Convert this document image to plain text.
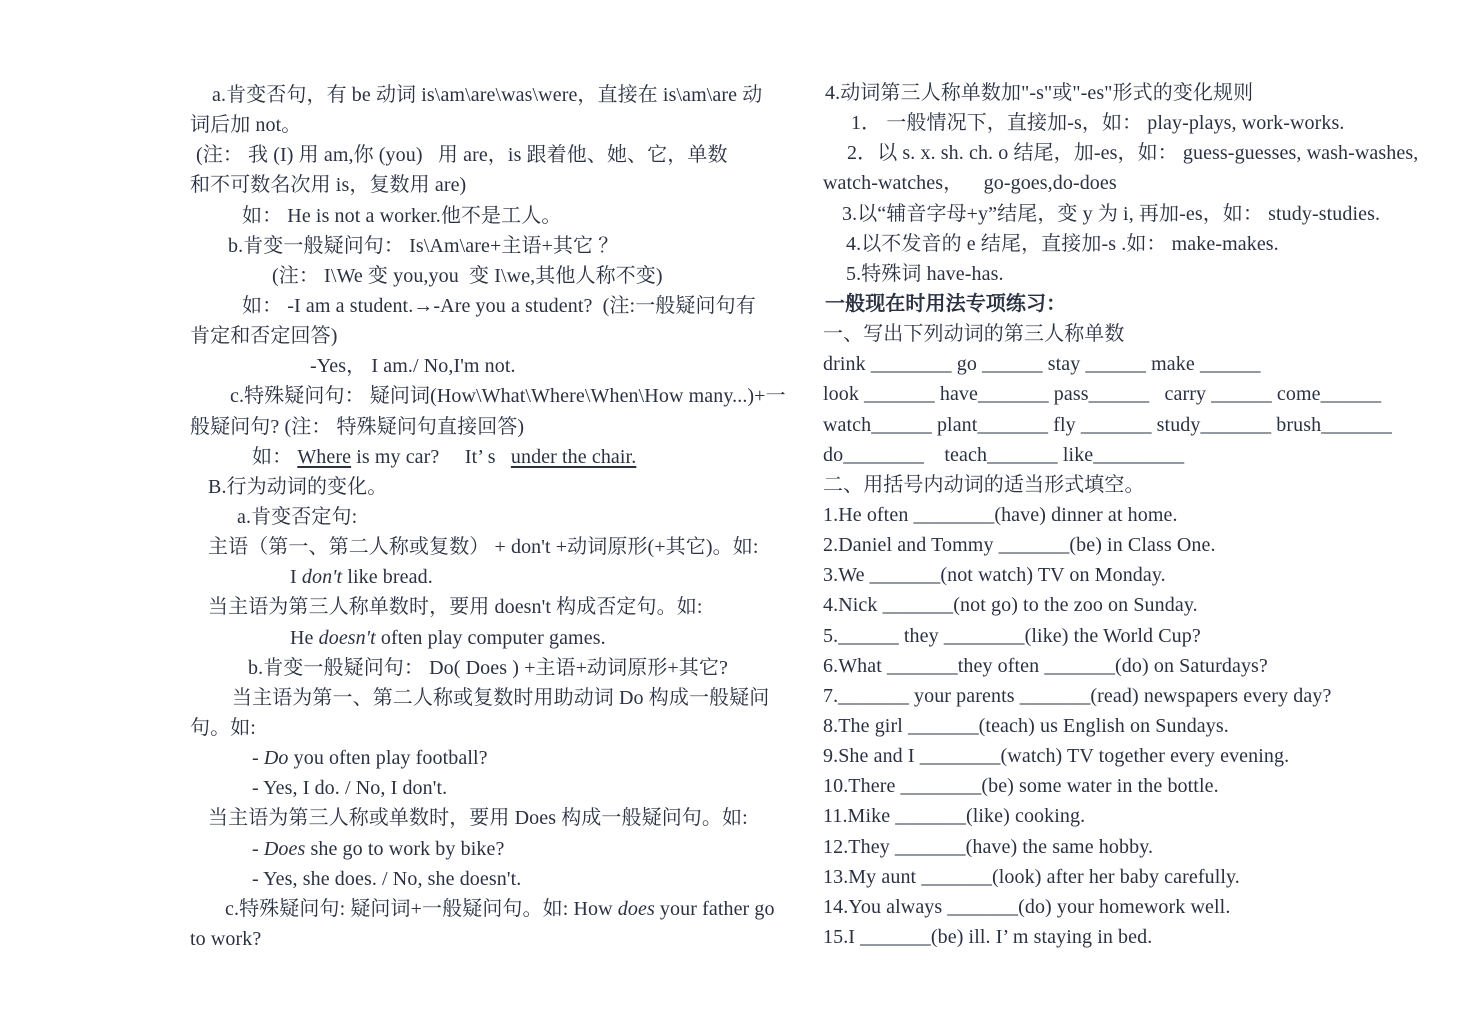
a.肯变否句，有 be 动词 is\am\are\was\were，直接在 is\am\are 动
词后加 not。
(注： 我 (I) 用 am,你 (you)   用 are，is 跟着他、她、它，单数
和不可数名次用 is，复数用 are)
如： He is not a worker.他不是工人。
b.肯变一般疑问句： Is\Am\are+主语+其它 ？
(注： I\We 变 you,you  变 I\we,其他人称不变)
如： -I am a student.→-Are you a student?  (注:一般疑问句有
肯定和否定回答)
-Yes， I am./ No,I'm not.
c.特殊疑问句： 疑问词(How\What\Where\When\How many...)+一
般疑问句? (注： 特殊疑问句直接回答)
如： Where is my car?     It’ s   under the chair.
B.行为动词的变化。
a.肯变否定句:
主语（第一、第二人称或复数） + don't +动词原形(+其它)。如:
I don't like bread.
当主语为第三人称单数时，要用 doesn't 构成否定句。如:
He doesn't often play computer games.
b.肯变一般疑问句： Do( Does ) +主语+动词原形+其它?
当主语为第一、第二人称或复数时用助动词 Do 构成一般疑问
句。如:
- Do you often play football?
- Yes, I do. / No, I don't.
当主语为第三人称或单数时，要用 Does 构成一般疑问句。如:
- Does she go to work by bike?
- Yes, she does. / No, she doesn't.
c.特殊疑问句: 疑问词+一般疑问句。如: How does your father go
to work?
4.动词第三人称单数加"-s"或"-es"形式的变化规则
1． 一般情况下，直接加-s，如： play-plays, work-works.
2．以 s. x. sh. ch. o 结尾，加-es，如： guess-guesses, wash-washes,
watch-watches，    go-goes,do-does
3.以“辅音字母+y”结尾，变 y 为 i, 再加-es，如： study-studies.
4.以不发音的 e 结尾，直接加-s .如： make-makes.
5.特殊词 have-has.
一般现在时用法专项练习：
一、写出下列动词的第三人称单数
drink ________ go ______ stay ______ make ______
look _______ have_______ pass______   carry ______ come______
watch______ plant_______ fly _______ study_______ brush_______
do________    teach_______ like_________
二、用括号内动词的适当形式填空。
1.He often ________(have) dinner at home.
2.Daniel and Tommy _______(be) in Class One.
3.We _______(not watch) TV on Monday.
4.Nick _______(not go) to the zoo on Sunday.
5.______ they ________(like) the World Cup?
6.What _______they often _______(do) on Saturdays?
7._______ your parents _______(read) newspapers every day?
8.The girl _______(teach) us English on Sundays.
9.She and I ________(watch) TV together every evening.
10.There ________(be) some water in the bottle.
11.Mike _______(like) cooking.
12.They _______(have) the same hobby.
13.My aunt _______(look) after her baby carefully.
14.You always _______(do) your homework well.
15.I _______(be) ill. I’ m staying in bed.
